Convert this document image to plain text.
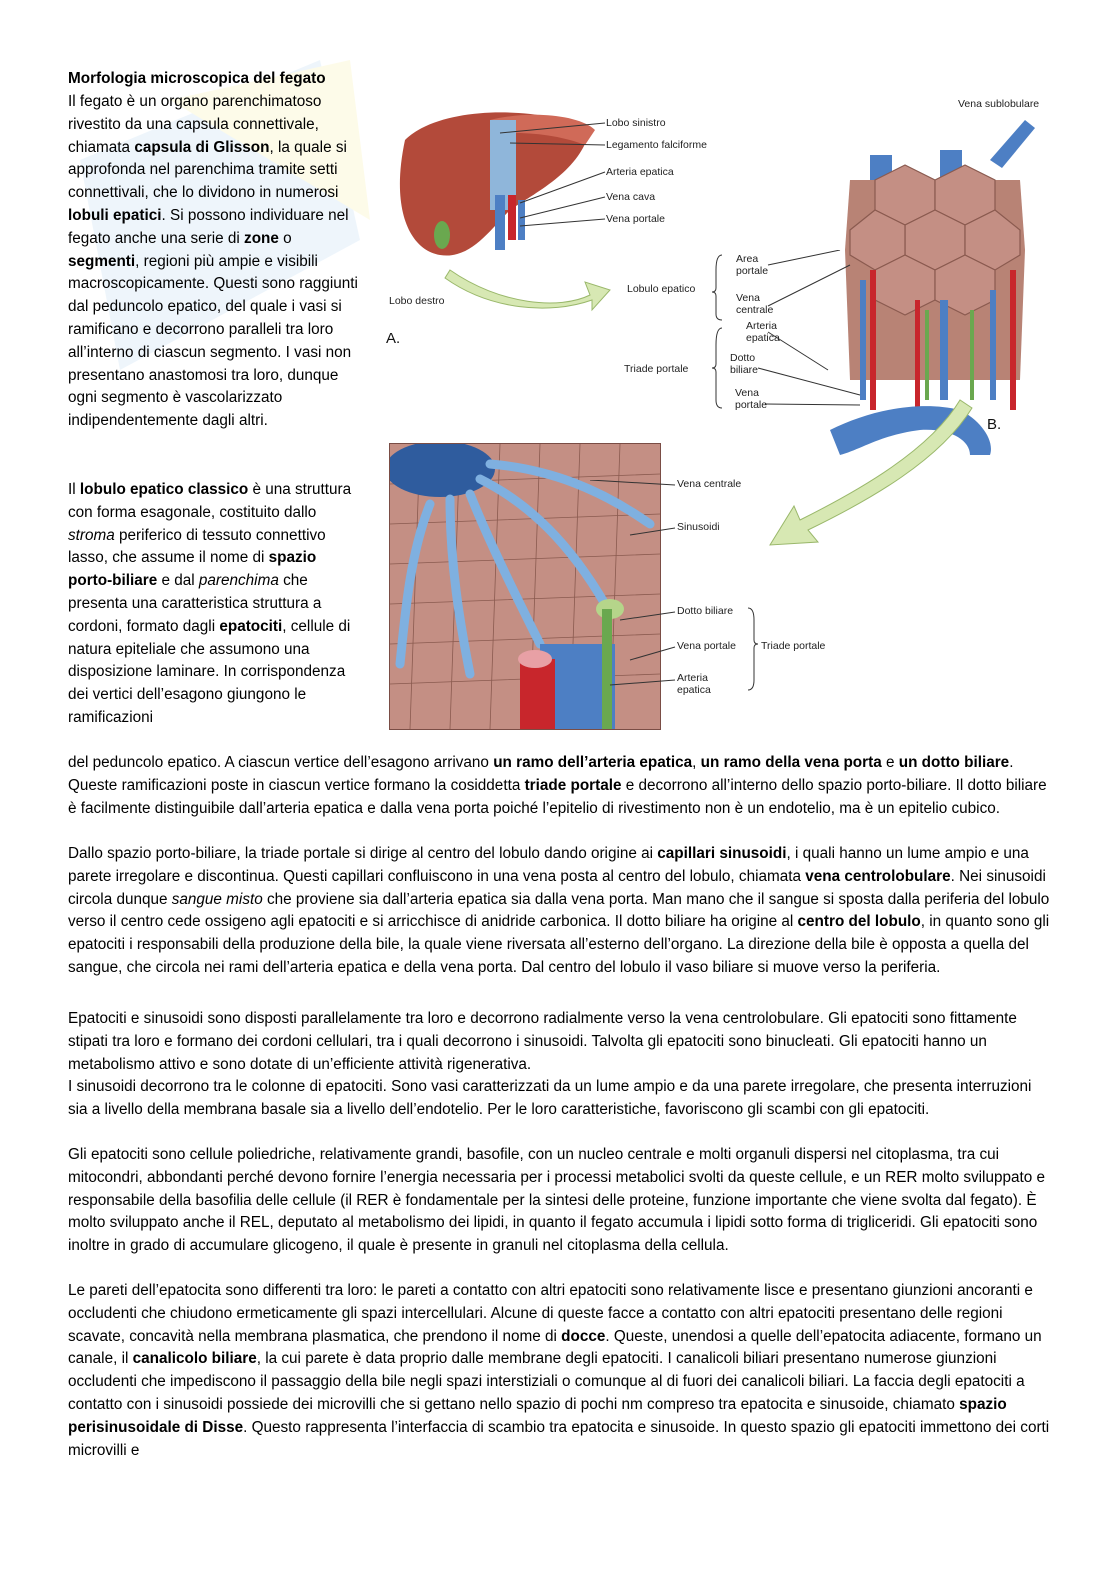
Morfologia microscopica del fegato
Il fegato è un organo parenchimatoso rivestito da una capsula connettivale, chiamata capsula di Glisson, la quale si approfonda nel parenchima tramite setti connettivali, che lo dividono in numerosi lobuli epatici. Si possono individuare nel fegato anche una serie di zone o segmenti, regioni più ampie e visibili macroscopicamente. Questi sono raggiunti dal peduncolo epatico, del quale i vasi si ramificano e decorrono paralleli tra loro all’interno di ciascun segmento. I vasi non presentano anastomosi tra loro, dunque ogni segmento è vascolarizzato indipendentemente dagli altri.
Il lobulo epatico classico è una struttura con forma esagonale, costituito dallo stroma periferico di tessuto connettivo lasso, che assume il nome di spazio porto-biliare e dal parenchima che presenta una caratteristica struttura a cordoni, formato dagli epatociti, cellule di natura epiteliale che assumono una disposizione laminare. In corrispondenza dei vertici dell’esagono giungono le ramificazioni
del peduncolo epatico. A ciascun vertice dell’esagono arrivano un ramo dell’arteria epatica, un ramo della vena porta e un dotto biliare. Queste ramificazioni poste in ciascun vertice formano la cosiddetta triade portale e decorrono all’interno dello spazio porto-biliare. Il dotto biliare è facilmente distinguibile dall’arteria epatica e dalla vena porta poiché l’epitelio di rivestimento non è un endotelio, ma è un epitelio cubico.
Dallo spazio porto-biliare, la triade portale si dirige al centro del lobulo dando origine ai capillari sinusoidi, i quali hanno un lume ampio e una parete irregolare e discontinua. Questi capillari confluiscono in una vena posta al centro del lobulo, chiamata vena centrolobulare. Nei sinusoidi circola dunque sangue misto che proviene sia dall’arteria epatica sia dalla vena porta. Man mano che il sangue si sposta dalla periferia del lobulo verso il centro cede ossigeno agli epatociti e si arricchisce di anidride carbonica. Il dotto biliare ha origine al centro del lobulo, in quanto sono gli epatociti i responsabili della produzione della bile, la quale viene riversata all’esterno dell’organo. La direzione della bile è opposta a quella del sangue, che circola nei rami dell’arteria epatica e della vena porta. Dal centro del lobulo il vaso biliare si muove verso la periferia.
Epatociti e sinusoidi sono disposti parallelamente tra loro e decorrono radialmente verso la vena centrolobulare. Gli epatociti sono fittamente stipati tra loro e formano dei cordoni cellulari, tra i quali decorrono i sinusoidi. Talvolta gli epatociti sono binucleati. Gli epatociti hanno un metabolismo attivo e sono dotate di un’efficiente attività rigenerativa.
I sinusoidi decorrono tra le colonne di epatociti. Sono vasi caratterizzati da un lume ampio e da una parete irregolare, che presenta interruzioni sia a livello della membrana basale sia a livello dell’endotelio. Per le loro caratteristiche, favoriscono gli scambi con gli epatociti.
Gli epatociti sono cellule poliedriche, relativamente grandi, basofile, con un nucleo centrale e molti organuli dispersi nel citoplasma, tra cui mitocondri, abbondanti perché devono fornire l’energia necessaria per i processi metabolici svolti da queste cellule, e un RER molto sviluppato e responsabile della basofilia delle cellule (il RER è fondamentale per la sintesi delle proteine, funzione importante che viene svolta dal fegato). È molto sviluppato anche il REL, deputato al metabolismo dei lipidi, in quanto il fegato accumula i lipidi sotto forma di trigliceridi. Gli epatociti sono inoltre in grado di accumulare glicogeno, il quale è presente in granuli nel citoplasma della cellula.
Le pareti dell’epatocita sono differenti tra loro: le pareti a contatto con altri epatociti sono relativamente lisce e presentano giunzioni ancoranti e occludenti che chiudono ermeticamente gli spazi intercellulari. Alcune di queste facce a contatto con altri epatociti presentano delle regioni scavate, concavità nella membrana plasmatica, che prendono il nome di docce. Queste, unendosi a quelle dell’epatocita adiacente, formano un canale, il canalicolo biliare, la cui parete è data proprio dalle membrane degli epatociti. I canalicoli biliari presentano numerose giunzioni occludenti che impediscono il passaggio della bile negli spazi interstiziali o comunque al di fuori dei canalicoli biliari. La faccia degli epatociti a contatto con i sinusoidi possiede dei microvilli che si gettano nello spazio di pochi nm compreso tra epatocita e sinusoide, chiamato spazio perisinusoidale di Disse. Questo rappresenta l’interfaccia di scambio tra epatocita e sinusoide. In questo spazio gli epatociti immettono dei corti microvilli e
A.
Lobo sinistro
Legamento falciforme
Arteria epatica
Vena cava
Vena portale
Lobo destro
B.
Vena sublobulare
Area
portale
Lobulo epatico
Vena
centrale
Arteria
epatica
Triade portale
Dotto
biliare
Vena
portale
Vena centrale
Sinusoidi
Dotto biliare
Vena portale Triade portale
Arteria
epatica
